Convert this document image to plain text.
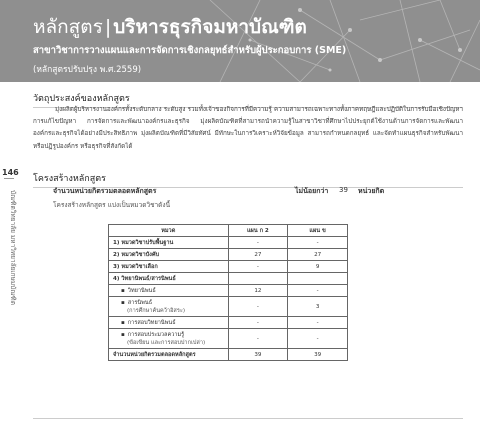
หลักสูตร | บริหารธุรกิจมหาบัณฑิต
สาขาวิชาการวางแผนและการจัดการเชิงกลยุทธ์สำหรับผู้ประกอบการ (SME)
(หลักสูตรปรับปรุง พ.ศ.2559)
146
บัณฑิตวิทยาลัย มหาวิทยาลัยเกษมบัณฑิต
วัตถุประสงค์ของหลักสูตร
มุ่งผลิตผู้บริหารงานองค์กรทั้งระดับกลาง ระดับสูง รวมทั้งเจ้าของกิจการที่มีความรู้ ความสามารถเฉพาะทางทั้งภาคทฤษฎีและปฏิบัติในการรับมือเชิงปัญหาการแก้ไขปัญหา การจัดการและพัฒนาองค์กรและธุรกิจ มุ่งผลิตบัณฑิตที่สามารถนำความรู้ในสาขาวิชาที่ศึกษาไปประยุกต์ใช้งานด้านการจัดการและพัฒนาองค์กรและธุรกิจได้อย่างมีประสิทธิภาพ มุ่งผลิตบัณฑิตที่มีวิสัยทัศน์ มีทักษะในการวิเคราะห์วิจัยข้อมูล สามารถกำหนดกลยุทธ์ และจัดทำแผนธุรกิจสำหรับพัฒนาหรือปฏิรูปองค์กร หรือธุรกิจที่สังกัดได้
โครงสร้างหลักสูตร
จำนวนหน่วยกิตรวมตลอดหลักสูตร	ไม่น้อยกว่า 39 หน่วยกิต
โครงสร้างหลักสูตร แบ่งเป็นหมวดวิชาดังนี้
หมวด	แผน ก 2	แผน ข
1) หมวดวิชาปรับพื้นฐาน	-	-
2) หมวดวิชาบังคับ	27	27
3) หมวดวิชาเลือก	-	9
4) วิทยานิพนธ์/สารนิพนธ์		
▪ วิทยานิพนธ์	12	-
▪ สารนิพนธ์
(การศึกษาค้นคว้าอิสระ)	-	3
▪ การสอบวิทยานิพนธ์	-	-
▪ การสอบประมวลความรู้
(ข้อเขียน และการสอบปากเปล่า)	-	-
จำนวนหน่วยกิตรวมตลอดหลักสูตร	39	39
